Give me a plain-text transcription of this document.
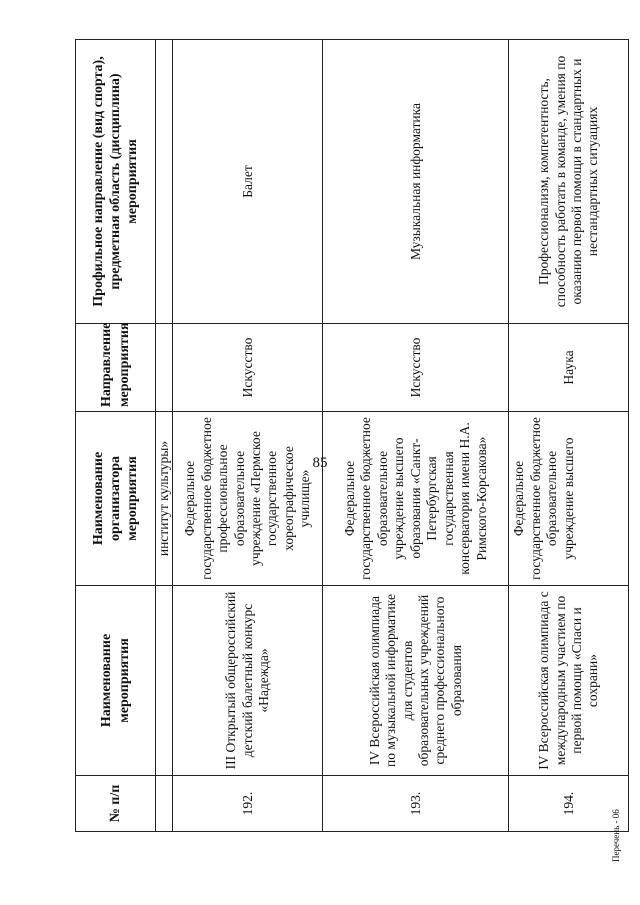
85
№ п/п	Наименование мероприятия	Наименование организатора мероприятия	Направление мероприятия	Профильное направление (вид спорта), предметная область (дисциплина) мероприятия
		институт культуры»		
192.	III Открытый общероссийский детский балетный конкурс «Надежда»	Федеральное государственное бюджетное профессиональное образовательное учреждение «Пермское государственное хореографическое училище»	Искусство	Балет
193.	IV Всероссийская олимпиада по музыкальной информатике для студентов образовательных учреждений среднего профессионального образования	Федеральное государственное бюджетное образовательное учреждение высшего образования «Санкт-Петербургская государственная консерватория имени Н.А. Римского-Корсакова»	Искусство	Музыкальная информатика
194.	IV Всероссийская олимпиада с международным участием по первой помощи «Спаси и сохрани»	Федеральное государственное бюджетное образовательное учреждение высшего	Наука	Профессионализм, компетентность, способность работать в команде, умения по оказанию первой помощи в стандартных и нестандартных ситуациях
Перечень - 06
